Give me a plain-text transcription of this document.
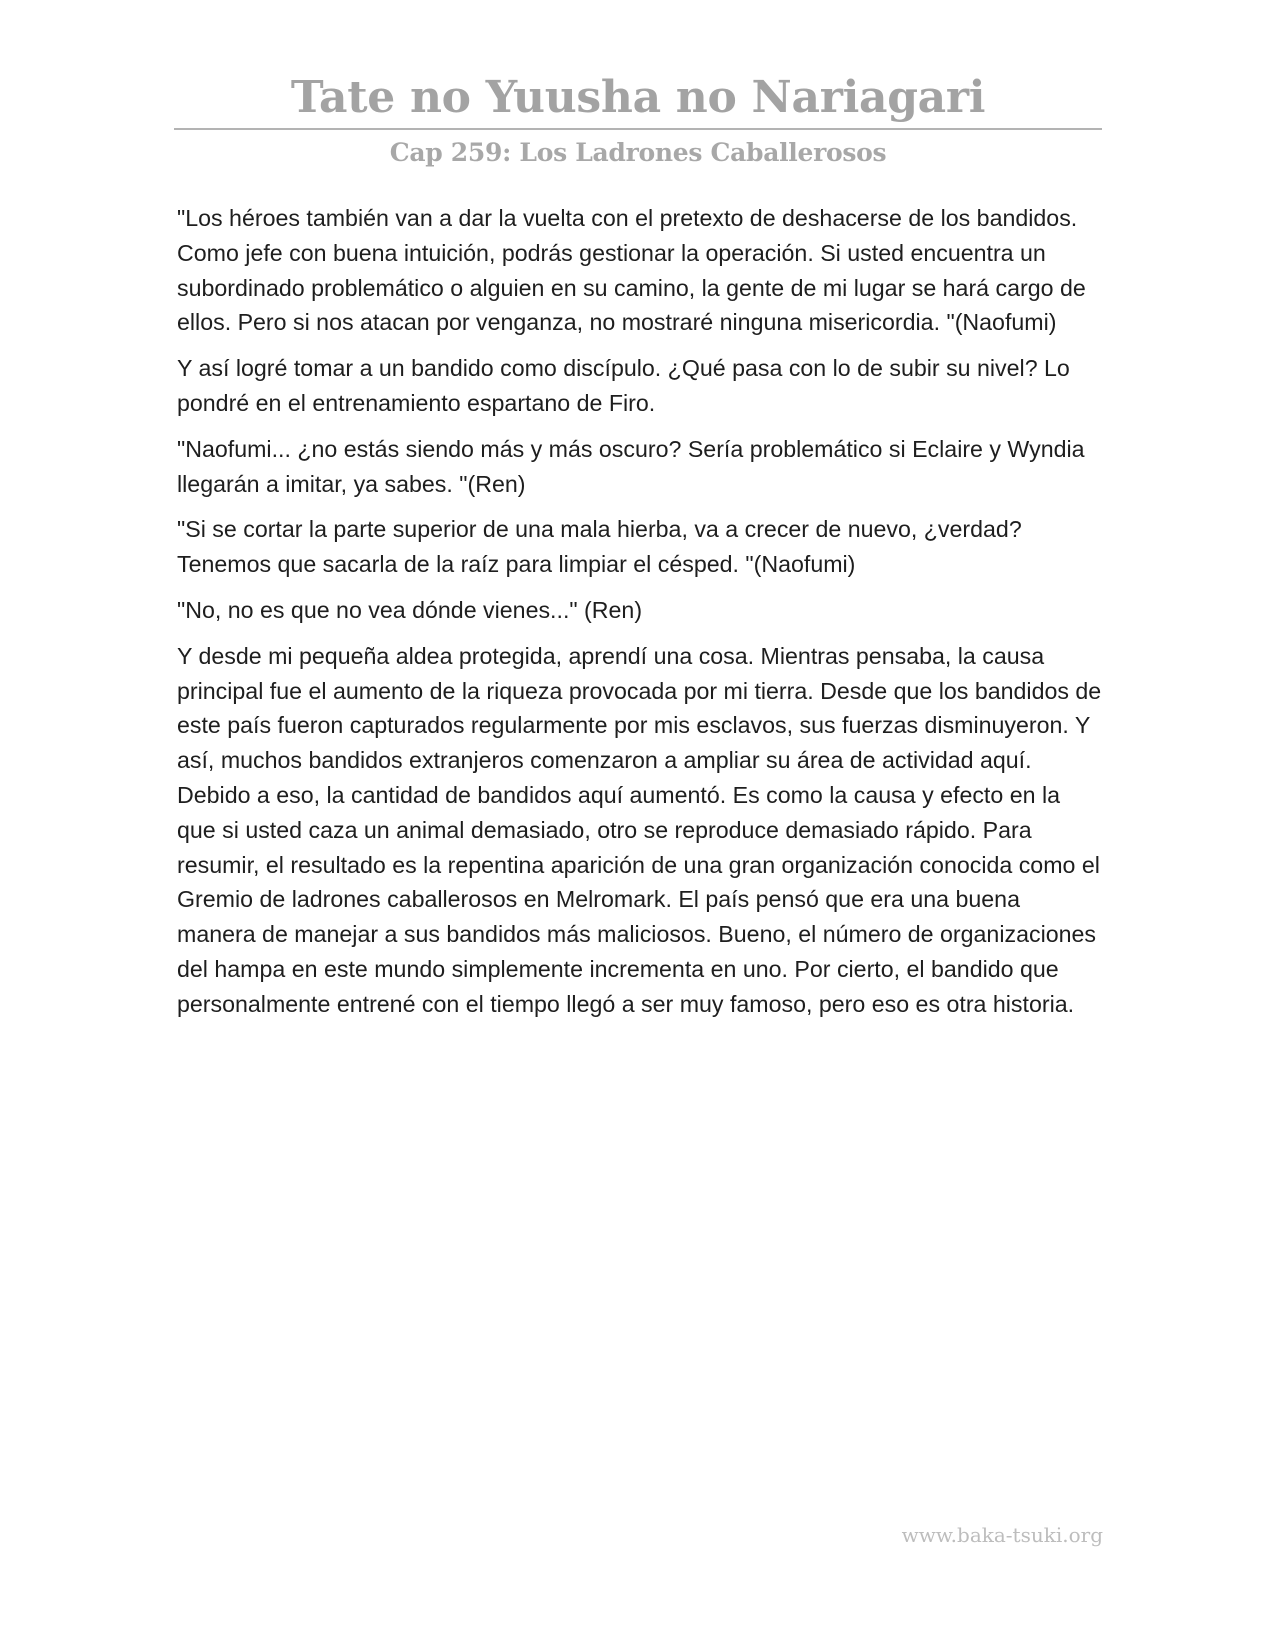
Tate no Yuusha no Nariagari
Cap 259: Los Ladrones Caballerosos

"Los héroes también van a dar la vuelta con el pretexto de deshacerse de los bandidos. Como jefe con buena intuición, podrás gestionar la operación. Si usted encuentra un subordinado problemático o alguien en su camino, la gente de mi lugar se hará cargo de ellos. Pero si nos atacan por venganza, no mostraré ninguna misericordia. "(Naofumi)

Y así logré tomar a un bandido como discípulo. ¿Qué pasa con lo de subir su nivel? Lo pondré en el entrenamiento espartano de Firo.

"Naofumi... ¿no estás siendo más y más oscuro? Sería problemático si Eclaire y Wyndia llegarán a imitar, ya sabes. "(Ren)

"Si se cortar la parte superior de una mala hierba, va a crecer de nuevo, ¿verdad? Tenemos que sacarla de la raíz para limpiar el césped. "(Naofumi)

"No, no es que no vea dónde vienes..." (Ren)

Y desde mi pequeña aldea protegida, aprendí una cosa. Mientras pensaba, la causa principal fue el aumento de la riqueza provocada por mi tierra. Desde que los bandidos de este país fueron capturados regularmente por mis esclavos, sus fuerzas disminuyeron. Y así, muchos bandidos extranjeros comenzaron a ampliar su área de actividad aquí. Debido a eso, la cantidad de bandidos aquí aumentó. Es como la causa y efecto en la que si usted caza un animal demasiado, otro se reproduce demasiado rápido. Para resumir, el resultado es la repentina aparición de una gran organización conocida como el Gremio de ladrones caballerosos en Melromark. El país pensó que era una buena manera de manejar a sus bandidos más maliciosos. Bueno, el número de organizaciones del hampa en este mundo simplemente incrementa en uno. Por cierto, el bandido que personalmente entrené con el tiempo llegó a ser muy famoso, pero eso es otra historia.

www.baka-tsuki.org
